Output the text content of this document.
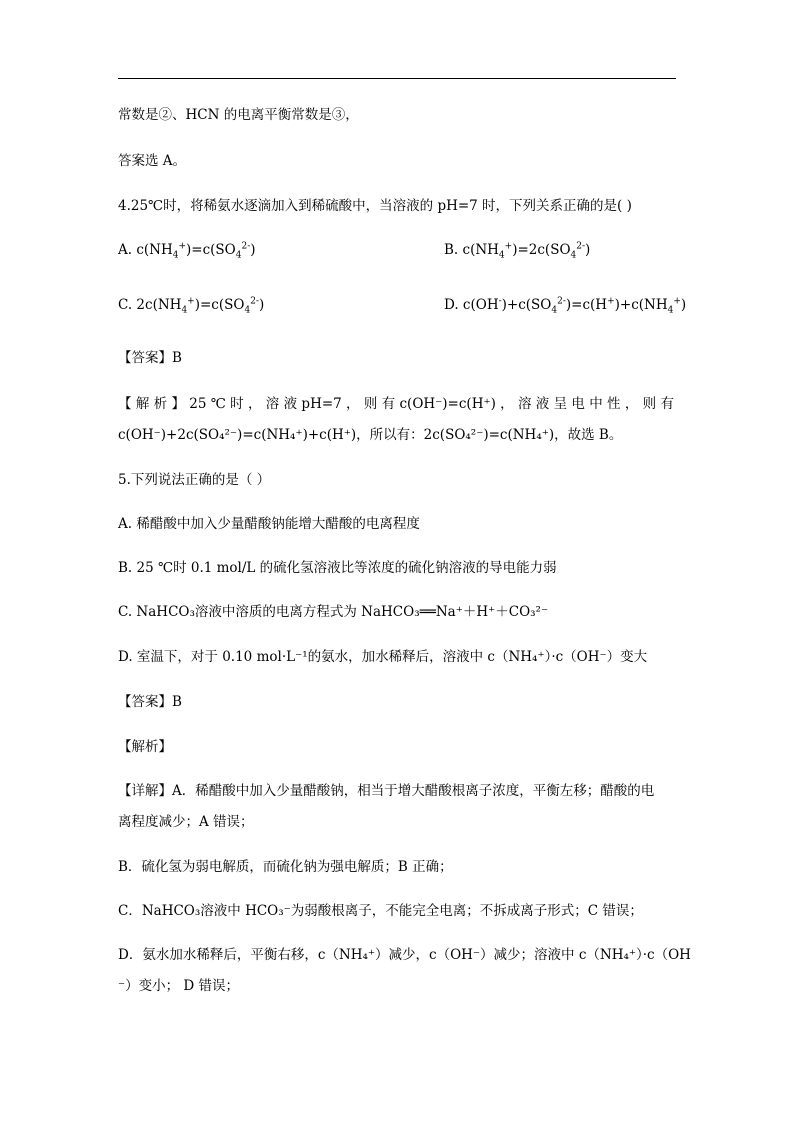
常数是②、HCN 的电离平衡常数是③，
答案选 A。
4.25℃时，将稀氨水逐滴加入到稀硫酸中，当溶液的 pH=7 时，下列关系正确的是( )
A. $c(NH_4^+)=c(SO_4^{2-})$	B. $c(NH_4^+)=2c(SO_4^{2-})$
C. $2c(NH_4^+)=c(SO_4^{2-})$	D. $c(OH^-)+c(SO_4^{2-})=c(H^+)+c(NH_4^+)$
【答案】B
【 解 析 】 25 ℃ 时 ， 溶 液 pH=7 ， 则 有 c(OH⁻)=c(H⁺) ， 溶 液 呈 电 中 性 ， 则 有
c(OH⁻)+2c(SO₄²⁻)=c(NH₄⁺)+c(H⁺)，所以有：2c(SO₄²⁻)=c(NH₄⁺)，故选 B。
5.下列说法正确的是（ ）
A. 稀醋酸中加入少量醋酸钠能增大醋酸的电离程度
B. 25 ℃时 0.1 mol/L 的硫化氢溶液比等浓度的硫化钠溶液的导电能力弱
C. NaHCO₃溶液中溶质的电离方程式为 NaHCO₃══Na⁺＋H⁺＋CO₃²⁻
D. 室温下，对于 0.10 mol·L⁻¹的氨水，加水稀释后，溶液中 c（NH₄⁺）·c（OH⁻）变大
【答案】B
【解析】
【详解】A．稀醋酸中加入少量醋酸钠，相当于增大醋酸根离子浓度，平衡左移；醋酸的电
离程度减少；A 错误；
B．硫化氢为弱电解质，而硫化钠为强电解质；B 正确；
C．NaHCO₃溶液中 HCO₃⁻为弱酸根离子，不能完全电离；不拆成离子形式；C 错误；
D．氨水加水稀释后，平衡右移，c（NH₄⁺）减少，c（OH⁻）减少；溶液中 c（NH₄⁺）·c（OH
⁻）变小； D 错误；
